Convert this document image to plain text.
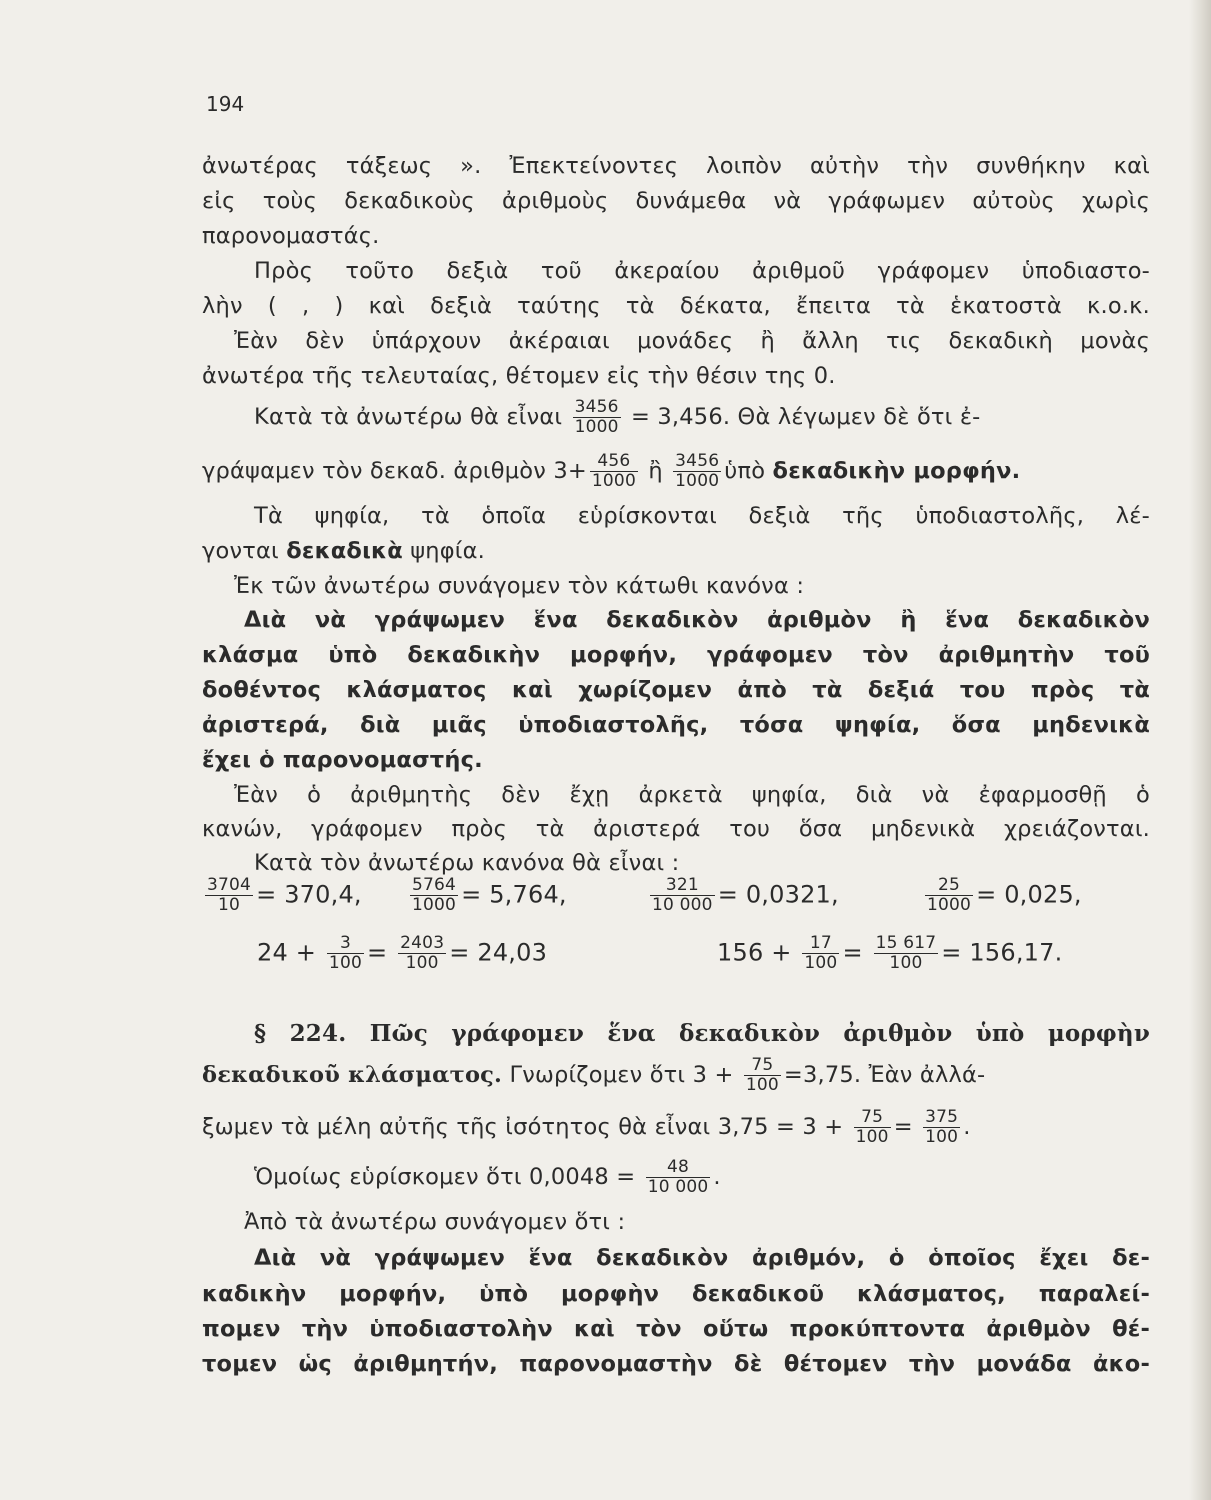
194
ἀνωτέρας τάξεως ». Ἐπεκτείνοντες λοιπὸν αὐτὴν τὴν συνθήκην καὶ
εἰς τοὺς δεκαδικοὺς ἀριθμοὺς δυνάμεθα νὰ γράφωμεν αὐτοὺς χωρὶς
παρονομαστάς.
Πρὸς τοῦτο δεξιὰ τοῦ ἀκεραίου ἀριθμοῦ γράφομεν ὑποδιαστο-
λὴν ( , ) καὶ δεξιὰ ταύτης τὰ δέκατα, ἔπειτα τὰ ἑκατοστὰ κ.ο.κ.
Ἐὰν δὲν ὑπάρχουν ἀκέραιαι μονάδες ἢ ἄλλη τις δεκαδικὴ μονὰς
ἀνωτέρα τῆς τελευταίας, θέτομεν εἰς τὴν θέσιν της 0.
Κατὰ τὰ ἀνωτέρω θὰ εἶναι $\frac{3456}{1000} = 3,456$. Θὰ λέγωμεν δὲ ὅτι ἐ-
γράψαμεν τὸν δεκαδ. ἀριθμὸν $3+ \frac{456}{1000}$ ἢ $\frac{3456}{1000}$ ὑπὸ δεκαδικὴν μορφήν.
Τὰ ψηφία, τὰ ὁποῖα εὑρίσκονται δεξιὰ τῆς ὑποδιαστολῆς, λέ-
γονται δεκαδικὰ ψηφία.
Ἐκ τῶν ἀνωτέρω συνάγομεν τὸν κάτωθι κανόνα :
Διὰ νὰ γράψωμεν ἕνα δεκαδικὸν ἀριθμὸν ἢ ἕνα δεκαδικὸν
κλάσμα ὑπὸ δεκαδικὴν μορφήν, γράφομεν τὸν ἀριθμητὴν τοῦ
δοθέντος κλάσματος καὶ χωρίζομεν ἀπὸ τὰ δεξιά του πρὸς τὰ
ἀριστερά, διὰ μιᾶς ὑποδιαστολῆς, τόσα ψηφία, ὅσα μηδενικὰ
ἔχει ὁ παρονομαστής.
Ἐὰν ὁ ἀριθμητὴς δὲν ἔχῃ ἀρκετὰ ψηφία, διὰ νὰ ἐφαρμοσθῇ ὁ
κανών, γράφομεν πρὸς τὰ ἀριστερά του ὅσα μηδενικὰ χρειάζονται.
Κατὰ τὸν ἀνωτέρω κανόνα θὰ εἶναι :
$\frac{3704}{10} = 370,4$,	$\frac{5764}{1000} = 5,764$,	$\frac{321}{10 000} = 0,0321$,	$\frac{25}{1000} = 0,025$,
$24 + \frac{3}{100} = \frac{2403}{100} = 24,03$	$156 + \frac{17}{100} = \frac{15 617}{100} = 156,17$.
§ 224. Πῶς γράφομεν ἕνα δεκαδικὸν ἀριθμὸν ὑπὸ μορφὴν
δεκαδικοῦ κλάσματος. Γνωρίζομεν ὅτι $3 + \frac{75}{100} =3,75$. Ἐὰν ἀλλά-
ξωμεν τὰ μέλη αὐτῆς τῆς ἰσότητος θὰ εἶναι $3,75 = 3 + \frac{75}{100} = \frac{375}{100}$ .
Ὁμοίως εὑρίσκομεν ὅτι $0,0048 = \frac{48}{10 000}$ .
Ἀπὸ τὰ ἀνωτέρω συνάγομεν ὅτι :
Διὰ νὰ γράψωμεν ἕνα δεκαδικὸν ἀριθμόν, ὁ ὁποῖος ἔχει δε-
καδικὴν μορφήν, ὑπὸ μορφὴν δεκαδικοῦ κλάσματος, παραλεί-
πομεν τὴν ὑποδιαστολὴν καὶ τὸν οὕτω προκύπτοντα ἀριθμὸν θέ-
τομεν ὡς ἀριθμητήν, παρονομαστὴν δὲ θέτομεν τὴν μονάδα ἀκο-
